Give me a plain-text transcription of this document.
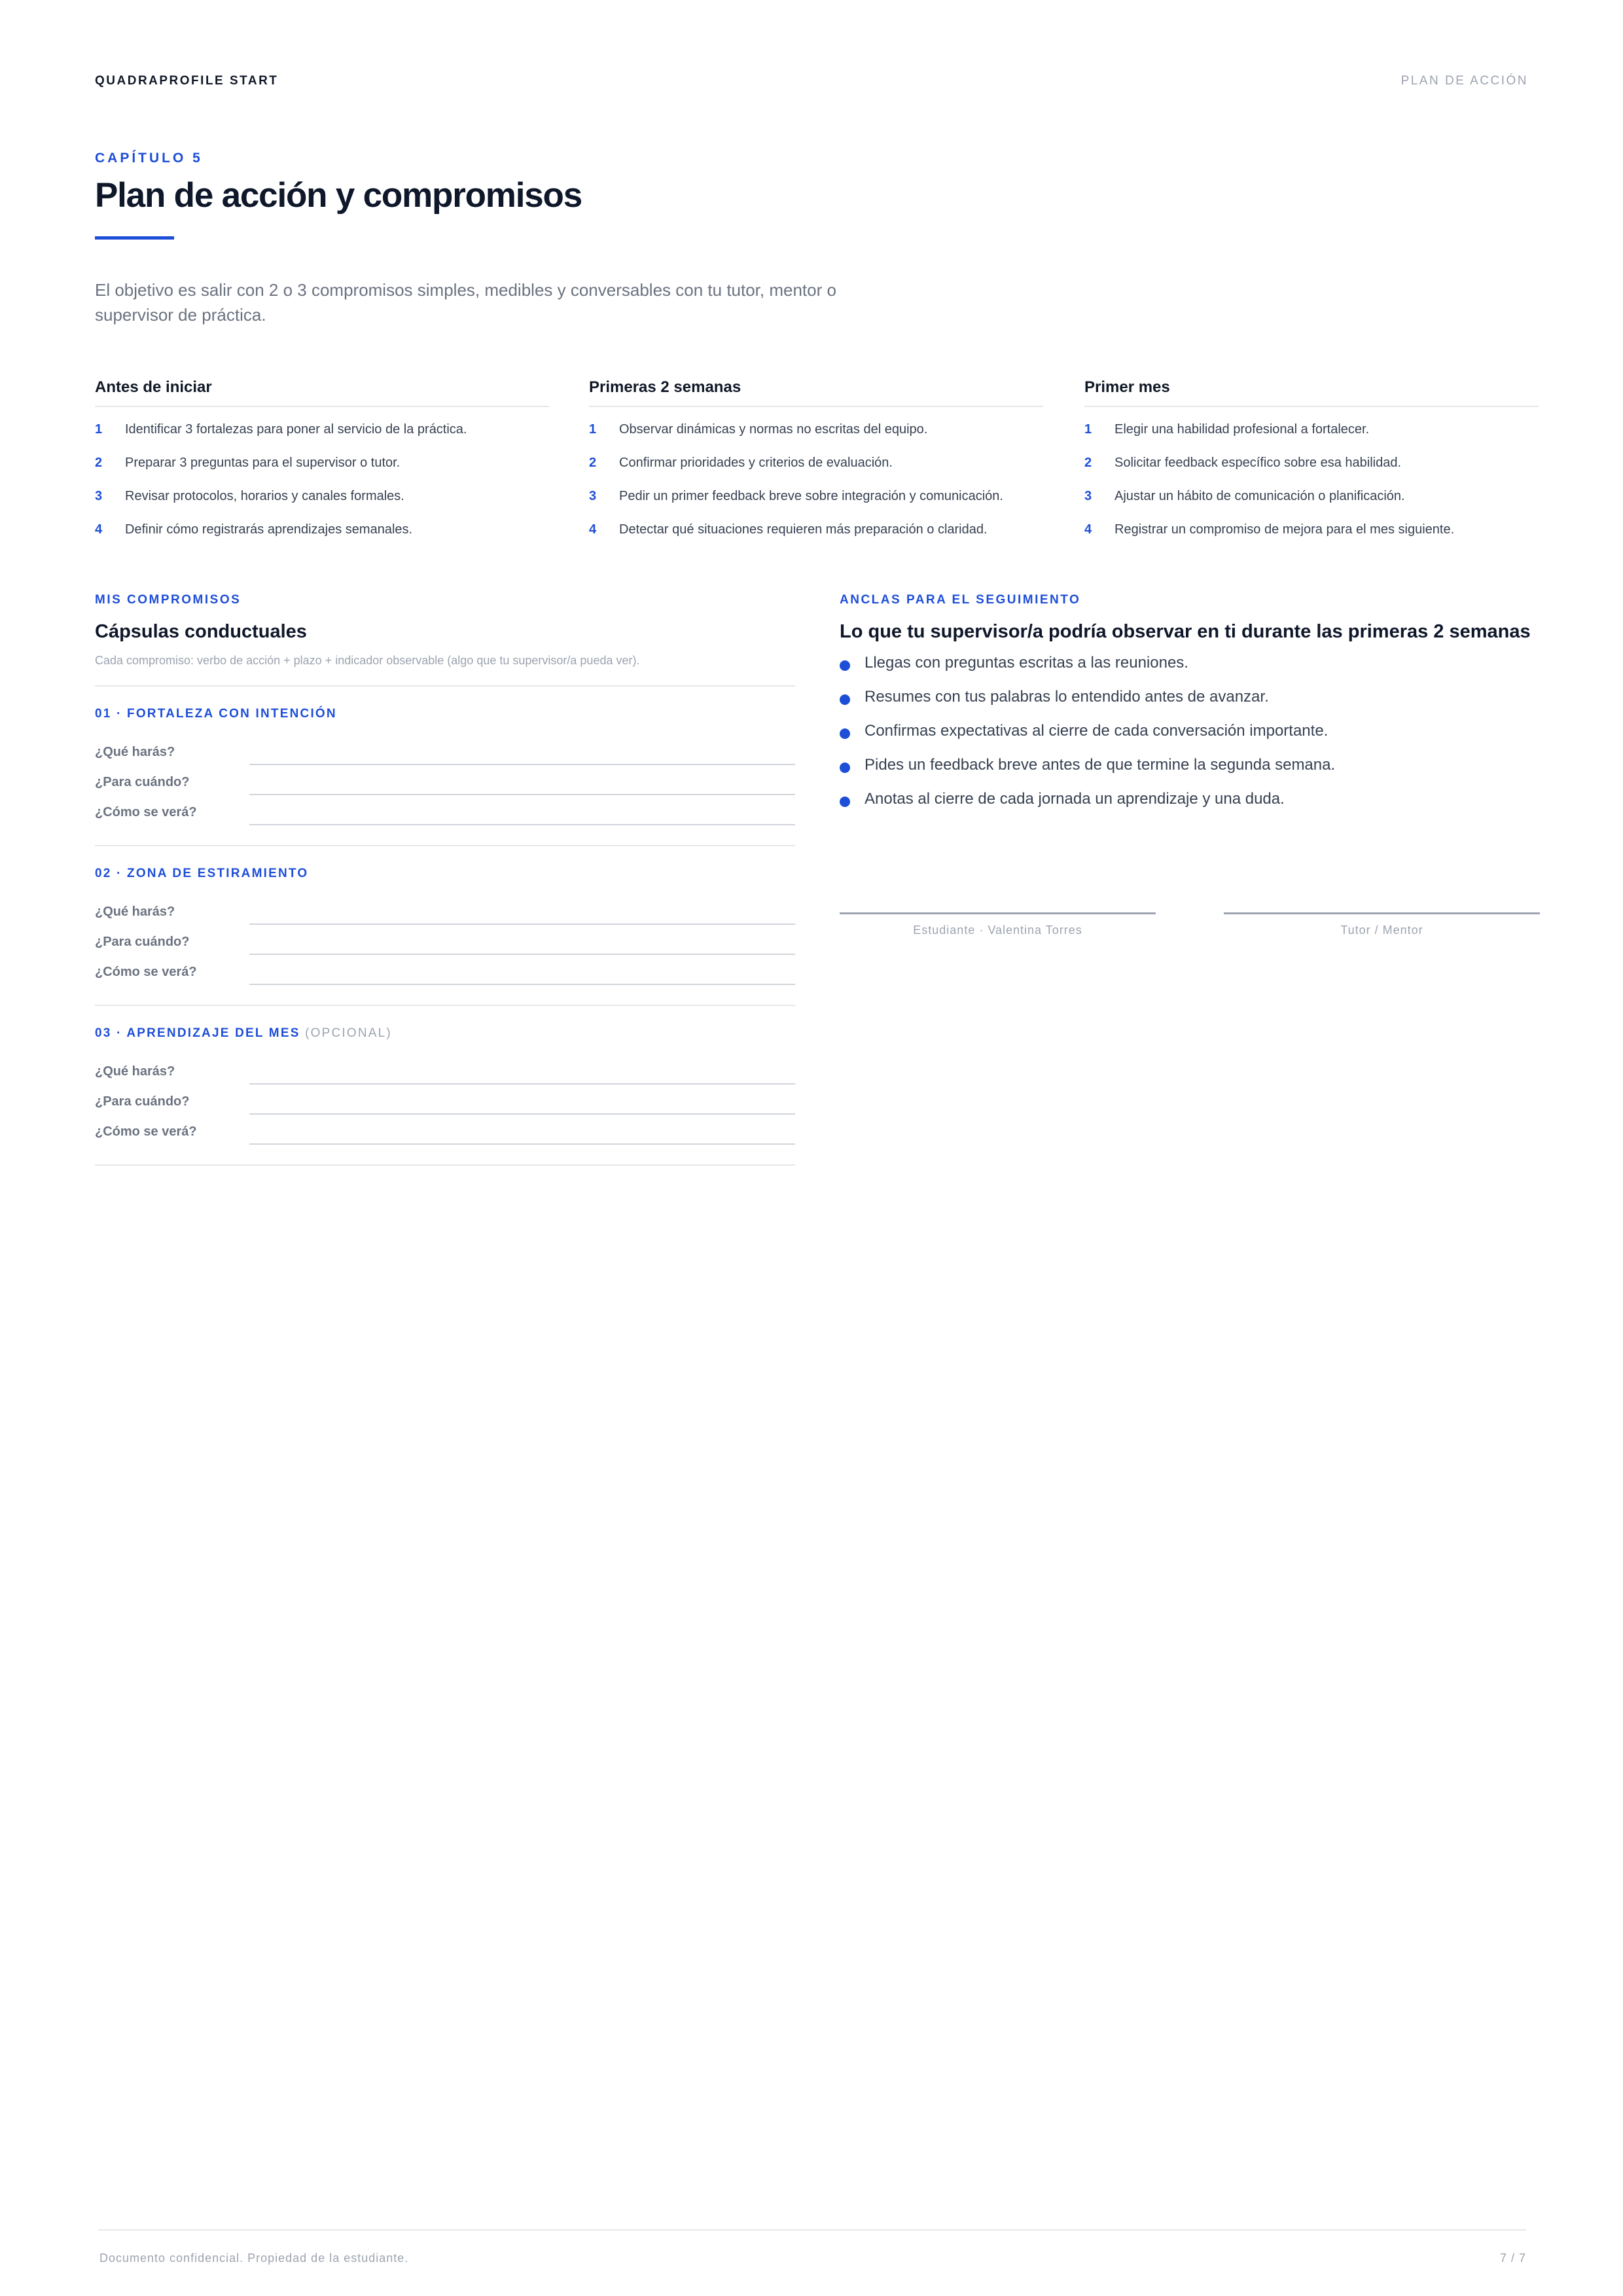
QUADRAPROFILE START	PLAN DE ACCIÓN
CAPÍTULO 5
Plan de acción y compromisos

El objetivo es salir con 2 o 3 compromisos simples, medibles y conversables con tu tutor, mentor o supervisor de práctica.

Antes de iniciar
1	Identificar 3 fortalezas para poner al servicio de la práctica.
2	Preparar 3 preguntas para el supervisor o tutor.
3	Revisar protocolos, horarios y canales formales.
4	Definir cómo registrarás aprendizajes semanales.
Primeras 2 semanas
1	Observar dinámicas y normas no escritas del equipo.
2	Confirmar prioridades y criterios de evaluación.
3	Pedir un primer feedback breve sobre integración y comunicación.
4	Detectar qué situaciones requieren más preparación o claridad.
Primer mes
1	Elegir una habilidad profesional a fortalecer.
2	Solicitar feedback específico sobre esa habilidad.
3	Ajustar un hábito de comunicación o planificación.
4	Registrar un compromiso de mejora para el mes siguiente.
MIS COMPROMISOS
Cápsulas conductuales

Cada compromiso: verbo de acción + plazo + indicador observable (algo que tu supervisor/a pueda ver).

01 · FORTALEZA CON INTENCIÓN
¿Qué harás?
¿Para cuándo?
¿Cómo se verá?
02 · ZONA DE ESTIRAMIENTO
¿Qué harás?
¿Para cuándo?
¿Cómo se verá?
03 · APRENDIZAJE DEL MES (OPCIONAL)
¿Qué harás?
¿Para cuándo?
¿Cómo se verá?
ANCLAS PARA EL SEGUIMIENTO
Lo que tu supervisor/a podría observar en ti durante las primeras 2 semanas
Llegas con preguntas escritas a las reuniones.
Resumes con tus palabras lo entendido antes de avanzar.
Confirmas expectativas al cierre de cada conversación importante.
Pides un feedback breve antes de que termine la segunda semana.
Anotas al cierre de cada jornada un aprendizaje y una duda.
Estudiante · Valentina Torres	Tutor / Mentor
Documento confidencial. Propiedad de la estudiante.	7 / 7
